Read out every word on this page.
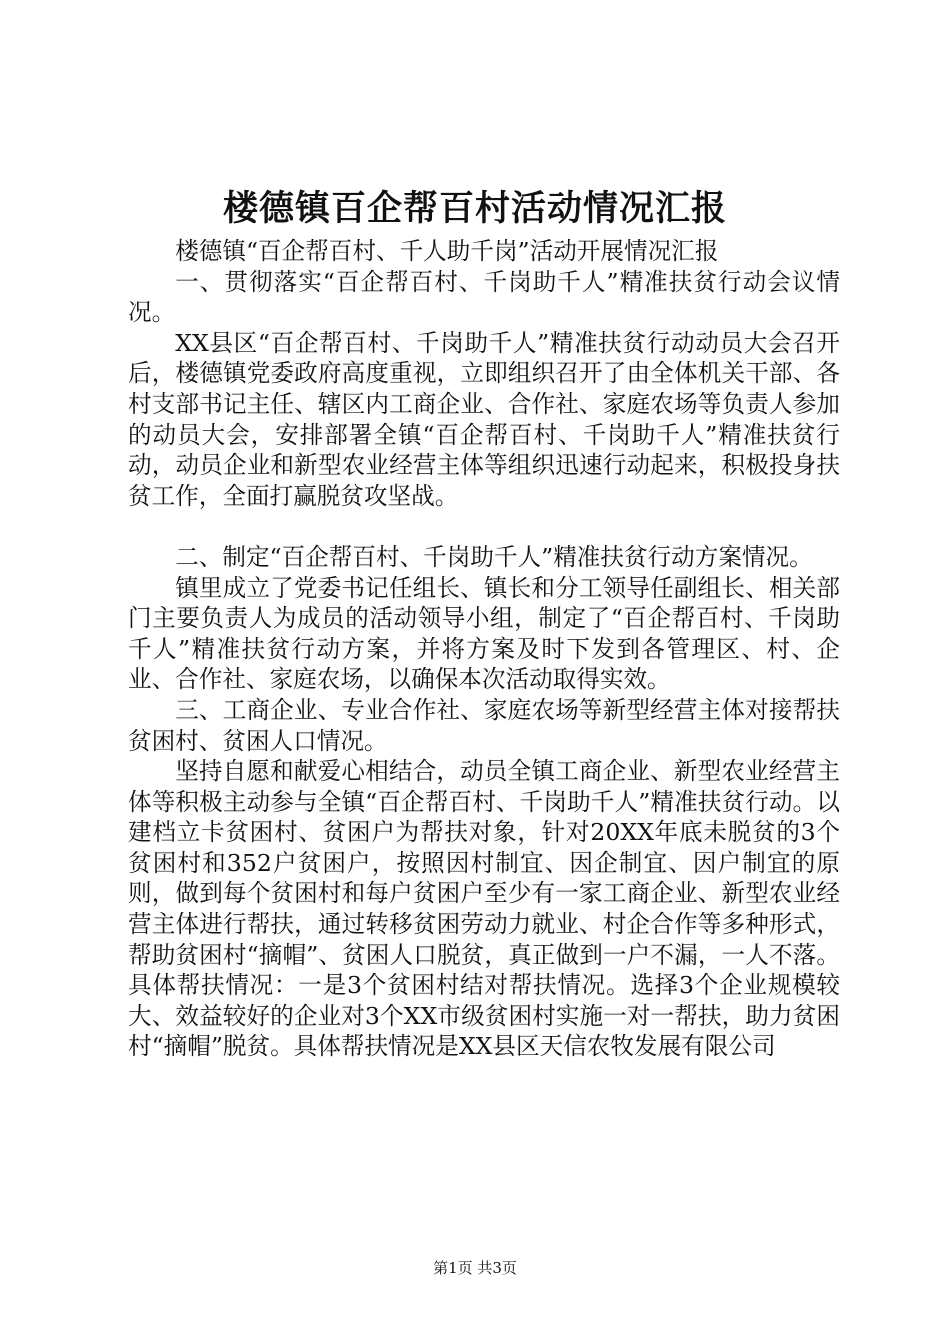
楼德镇百企帮百村活动情况汇报

楼德镇“百企帮百村、千人助千岗”活动开展情况汇报

一、贯彻落实“百企帮百村、千岗助千人”精准扶贫行动会议情况。

XX县区“百企帮百村、千岗助千人”精准扶贫行动动员大会召开后，楼德镇党委政府高度重视，立即组织召开了由全体机关干部、各村支部书记主任、辖区内工商企业、合作社、家庭农场等负责人参加的动员大会，安排部署全镇“百企帮百村、千岗助千人”精准扶贫行动，动员企业和新型农业经营主体等组织迅速行动起来，积极投身扶贫工作，全面打赢脱贫攻坚战。

二、制定“百企帮百村、千岗助千人”精准扶贫行动方案情况。

镇里成立了党委书记任组长、镇长和分工领导任副组长、相关部门主要负责人为成员的活动领导小组，制定了“百企帮百村、千岗助千人”精准扶贫行动方案，并将方案及时下发到各管理区、村、企业、合作社、家庭农场，以确保本次活动取得实效。

三、工商企业、专业合作社、家庭农场等新型经营主体对接帮扶贫困村、贫困人口情况。

坚持自愿和献爱心相结合，动员全镇工商企业、新型农业经营主体等积极主动参与全镇“百企帮百村、千岗助千人”精准扶贫行动。以建档立卡贫困村、贫困户为帮扶对象，针对20XX年底未脱贫的3个贫困村和352户贫困户，按照因村制宜、因企制宜、因户制宜的原则，做到每个贫困村和每户贫困户至少有一家工商企业、新型农业经营主体进行帮扶，通过转移贫困劳动力就业、村企合作等多种形式，帮助贫困村“摘帽”、贫困人口脱贫，真正做到一户不漏，一人不落。具体帮扶情况：一是3个贫困村结对帮扶情况。选择3个企业规模较大、效益较好的企业对3个XX市级贫困村实施一对一帮扶，助力贫困村“摘帽”脱贫。具体帮扶情况是XX县区天信农牧发展有限公司

第1页 共3页
